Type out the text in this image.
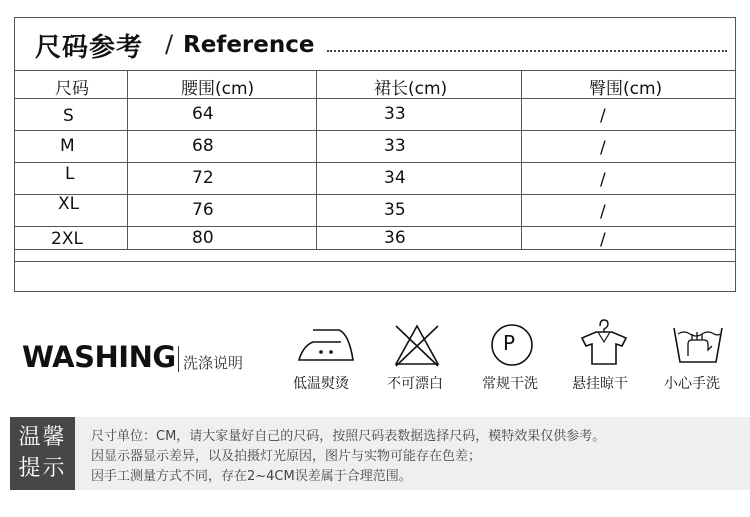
尺码参考 / Reference
尺码	腰围(cm)	裙长(cm)	臀围(cm)
S	64	33	/
M	68	33	/
L	72	34	/
XL	76	35	/
2XL	80	36	/
WASHING 洗涤说明
低温熨烫	不可漂白
P
常规干洗 悬挂晾干	小心手洗
温馨
提示
尺寸单位：CM，请大家量好自己的尺码，按照尺码表数据选择尺码，模特效果仅供参考。
因显示器显示差异，以及拍摄灯光原因，图片与实物可能存在色差；
因手工测量方式不同，存在2~4CM误差属于合理范围。
